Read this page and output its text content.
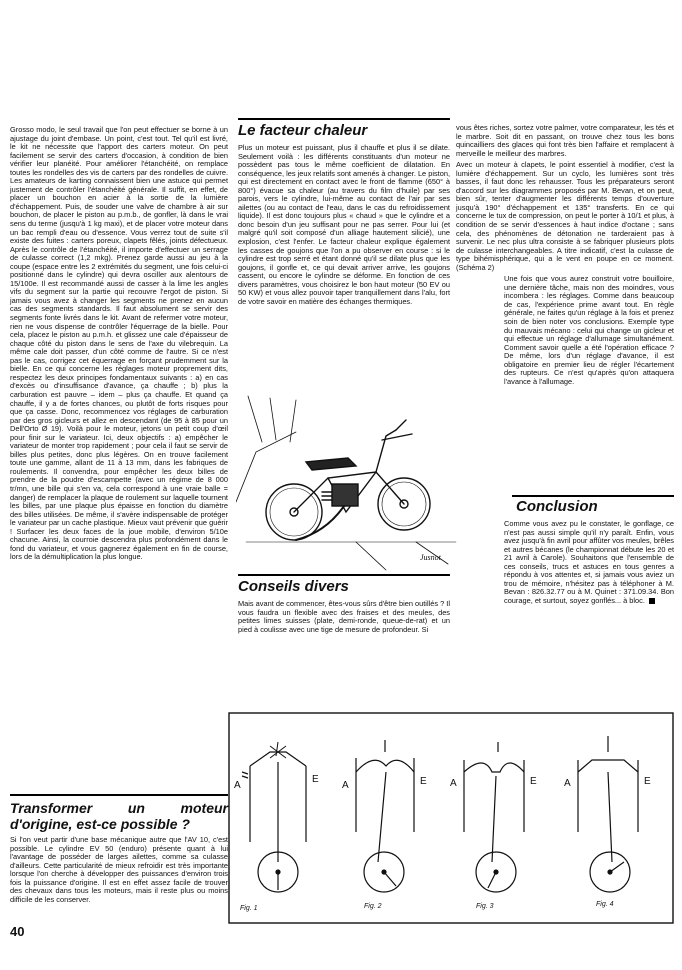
Grosso modo, le seul travail que l'on peut effectuer se borne à un ajustage du joint d'embase. Un point, c'est tout. Tel qu'il est livré, le kit ne nécessite que l'apport des carters moteur. On peut facilement se servir des carters d'occasion, à condition de bien vérifier leur planéité. Pour améliorer l'étanchéité, on remplace toutes les rondelles des vis de carters par des rondelles de cuivre. Les amateurs de karting connaissent bien une astuce qui permet justement de contrôler l'étanchéité générale. Il suffit, en effet, de placer un bouchon en acier à la sortie de la lumière d'échappement. Puis, de souder une valve de chambre à air sur bouchon, de placer le piston au p.m.b., de gonfler, là dans le vrai sens du terme (jusqu'à 1 kg maxi), et de placer votre moteur dans un bac rempli d'eau ou d'essence. Vous verrez tout de suite s'il existe des fuites : carters poreux, clapets fêlés, joints défectueux. Après le contrôle de l'étanchéité, il importe d'effectuer un serrage de culasse correct (1,2 mkg). Prenez garde aussi au jeu à la coupe (espace entre les 2 extrémités du segment, une fois celui-ci positionné dans le cylindre) qui devra osciller aux alentours de 15/100e. Il est recommandé aussi de casser à la lime les angles vifs du segment sur la partie qui recouvre l'ergot de piston. Si jamais vous avez à changer les segments ne prenez en aucun cas des segments standards. Il faut absolument se servir des segments fonte livrés dans le kit. Avant de refermer votre moteur, rien ne vous dispense de contrôler l'équerrage de la bielle. Pour cela, placez le piston au p.m.h. et glissez une cale d'épaisseur de chaque côté du piston dans le sens de l'axe du vilebrequin. La même cale doit passer, d'un côté comme de l'autre. Si ce n'est pas le cas, corrigez cet équerrage en forçant prudemment sur la bielle. En ce qui concerne les réglages moteur proprement dits, respectez les deux principes fondamentaux suivants : a) en cas d'excès ou d'insuffisance d'avance, ça chauffe ; b) plus la carburation est pauvre – idem – plus ça chauffe. Et quand ça chauffe, il y a de fortes chances, ou plutôt de forts risques pour que ça casse. Donc, recommencez vos réglages de carburation par des gros gicleurs et allez en descendant (de 95 à 85 pour un Dell'Orto Ø 19). Voilà pour le moteur, jetons un petit coup d'œil pour finir sur le variateur. Ici, deux objectifs : a) empêcher le variateur de monter trop rapidement ; pour cela il faut se servir de billes plus petites, donc plus légères. On en trouve facilement toute une gamme, allant de 11 à 13 mm, dans les fabriques de roulements. Il convendra, pour empêcher les deux billes de prendre de la poudre d'escampette (avec un régime de 8 000 tr/mn, une bille qui s'en va, cela correspond à une vraie balle = danger) de remplacer la plaque de roulement sur laquelle tournent les billes, par une plaque plus épaisse en fonction du diamètre des billes utilisées. De même, il s'avère indispensable de protéger le variateur par un cache plastique. Mieux vaut prévenir que guérir ! Surfacer les deux faces de la joue mobile, d'environ 5/10e chacune. Ainsi, la courroie descendra plus profondément dans le fond du variateur, et vous gagnerez également en fin de course, lors de la démultiplication la plus longue.

Transformer un moteur d'origine, est-ce possible ?

Si l'on veut partir d'une base mécanique autre que l'AV 10, c'est possible. Le cylindre EV 50 (enduro) présente quant à lui l'avantage de posséder de larges ailettes, comme sa culasse d'ailleurs. Cette particularité de mieux refroidir est très importante lorsque l'on cherche à développer des puissances d'environ trois fois la puissance d'origine. Il est en effet assez facile de trouver des chevaux dans tous les moteurs, mais il reste plus ou moins difficile de les conserver.

Le facteur chaleur

Plus un moteur est puissant, plus il chauffe et plus il se dilate. Seulement voilà : les différents constituants d'un moteur ne possèdent pas tous le même coefficient de dilatation. En conséquence, les jeux relatifs sont amenés à changer. Le piston, qui est directement en contact avec le front de flamme (650° à 800°) évacue sa chaleur (au travers du film d'huile) par ses parois, vers le cylindre, lui-même au contact de l'air par ses ailettes (ou au contact de l'eau, dans le cas du refroidissement liquide). Il est donc toujours plus « chaud » que le cylindre et a donc besoin d'un jeu suffisant pour ne pas serrer. Pour lui (et malgré qu'il soit composé d'un alliage hautement silicié), une explosion, c'est l'enfer. Le facteur chaleur explique également les casses de goujons que l'on a pu observer en course : si le cylindre est trop serré et étant donné qu'il se dilate plus que les goujons, il gonfle et, ce qui devait arriver arrive, les goujons cassent, ou encore le cylindre se déforme. En fonction de ces divers paramètres, vous choisirez le bon haut moteur (50 EV ou 50 KW) et vous allez pouvoir taper tranquillement dans l'alu, fort de votre savoir en matière des échanges thermiques.

vous êtes riches, sortez votre palmer, votre comparateur, les tés et le marbre. Soit dit en passant, on trouve chez tous les bons quincailliers des glaces qui font très bien l'affaire et remplacent à merveille le meilleur des marbres.

Avec un moteur à clapets, le point essentiel à modifier, c'est la lumière d'échappement. Sur un cyclo, les lumières sont très basses, il faut donc les rehausser. Tous les préparateurs seront d'accord sur les diagrammes proposés par M. Bevan, et on peut, bien sûr, tenter d'augmenter les différents temps d'ouverture jusqu'à 190° d'échappement et 135° transferts. En ce qui concerne le tux de compression, on peut le porter à 10/1 et plus, à condition de se servir d'essences à haut indice d'octane ; sans cela, des phénomènes de détonation ne tarderaient pas à survenir. Le nec plus ultra consiste à se fabriquer plusieurs plots de culasse interchangeables. A titre indicatif, c'est la culasse de type bihémisphérique, qui a le vent en poupe en ce moment. (Schéma 2)

Une fois que vous aurez construit votre bouilloire, une dernière tâche, mais non des moindres, vous incombera : les réglages. Comme dans beaucoup de cas, l'expérience prime avant tout. En règle générale, ne faites qu'un réglage à la fois et prenez soin de bien noter vos conclusions. Exemple type du mauvais mécano : celui qui change un gicleur et qui effectue un réglage d'allumage simultanément. Comment savoir quelle a été l'opération efficace ? De même, lors d'un réglage d'avance, il est obligatoire en premier lieu de régler l'écartement des rupteurs. Ce n'est qu'après qu'on attaquera l'avance à l'allumage.

Conclusion

Comme vous avez pu le constater, le gonflage, ce n'est pas aussi simple qu'il n'y paraît. Enfin, vous avez jusqu'à fin avril pour affûter vos meules, brêles et autres bécanes (le championnat débute les 20 et 21 avril à Carole). Souhaitons que l'ensemble de ces conseils, trucs et astuces en tous genres a répondu à vos attentes et, si jamais vous aviez un trou de mémoire, n'hésitez pas à téléphoner à M. Bevan : 826.32.77 ou à M. Quinet : 371.09.34. Bon courage, et surtout, soyez gonflés... à bloc.

Conseils divers

Mais avant de commencer, êtes-vous sûrs d'être bien outillés ? Il vous faudra un flexible avec des fraises et des meules, des petites limes suisses (plate, demi-ronde, queue-de-rat) et un pied à coulisse avec une tige de mesure de profondeur. Si

Jusnot
A
E
A	E A	E	A	E
Fig. 1	Fig. 2	Fig. 3	Fig. 4
40
